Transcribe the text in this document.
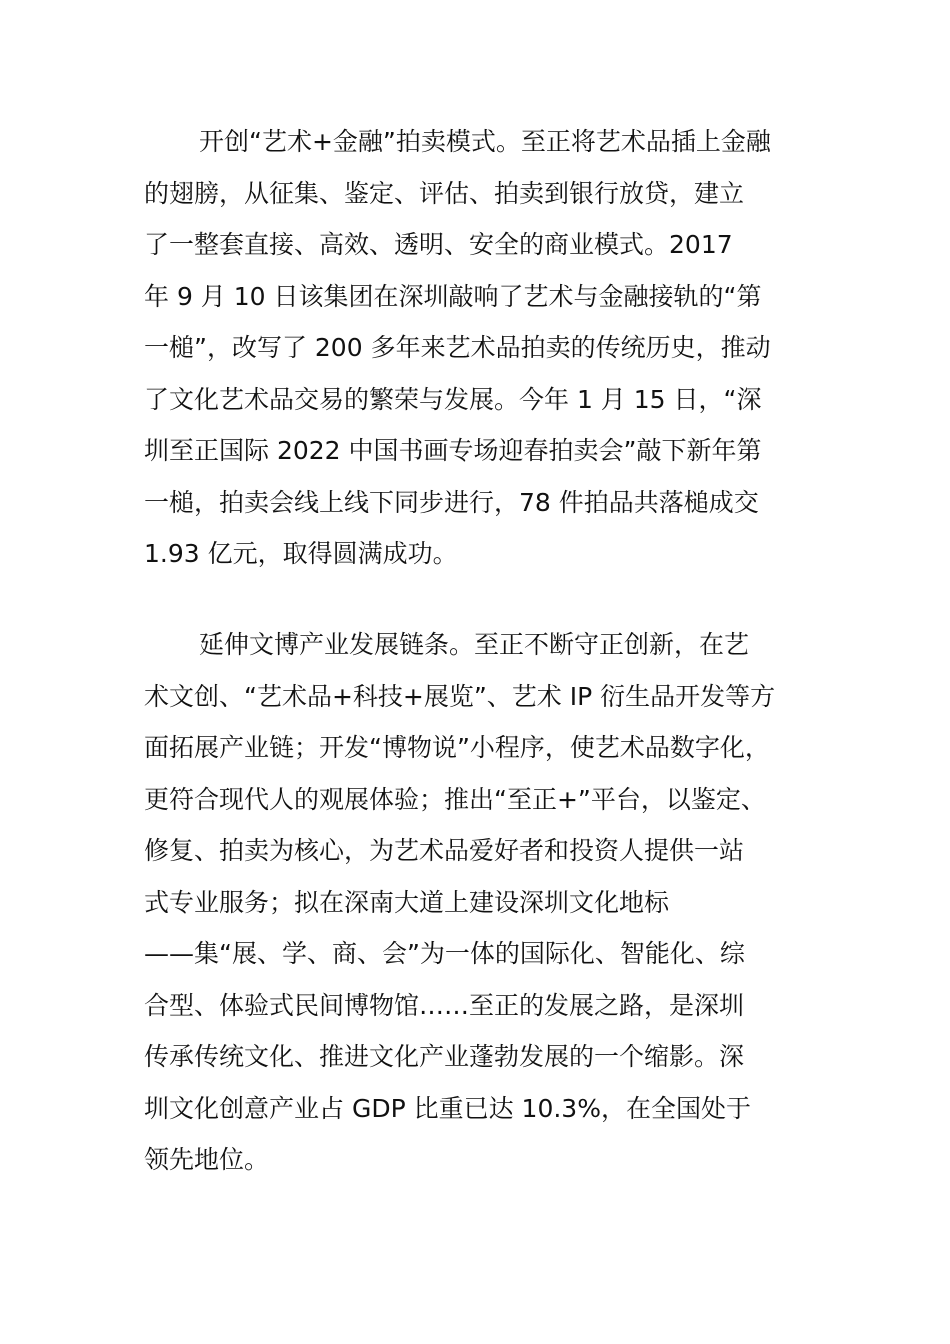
开创“艺术+金融”拍卖模式。至正将艺术品插上金融
的翅膀，从征集、鉴定、评估、拍卖到银行放贷，建立
了一整套直接、高效、透明、安全的商业模式。2017
年 9 月 10 日该集团在深圳敲响了艺术与金融接轨的“第
一槌”，改写了 200 多年来艺术品拍卖的传统历史，推动
了文化艺术品交易的繁荣与发展。今年 1 月 15 日，“深
圳至正国际 2022 中国书画专场迎春拍卖会”敲下新年第
一槌，拍卖会线上线下同步进行，78 件拍品共落槌成交
1.93 亿元，取得圆满成功。
延伸文博产业发展链条。至正不断守正创新，在艺
术文创、“艺术品+科技+展览”、艺术 IP 衍生品开发等方
面拓展产业链；开发“博物说”小程序，使艺术品数字化，
更符合现代人的观展体验；推出“至正+”平台，以鉴定、
修复、拍卖为核心，为艺术品爱好者和投资人提供一站
式专业服务；拟在深南大道上建设深圳文化地标
——集“展、学、商、会”为一体的国际化、智能化、综
合型、体验式民间博物馆……至正的发展之路，是深圳
传承传统文化、推进文化产业蓬勃发展的一个缩影。深
圳文化创意产业占 GDP 比重已达 10.3%，在全国处于
领先地位。
